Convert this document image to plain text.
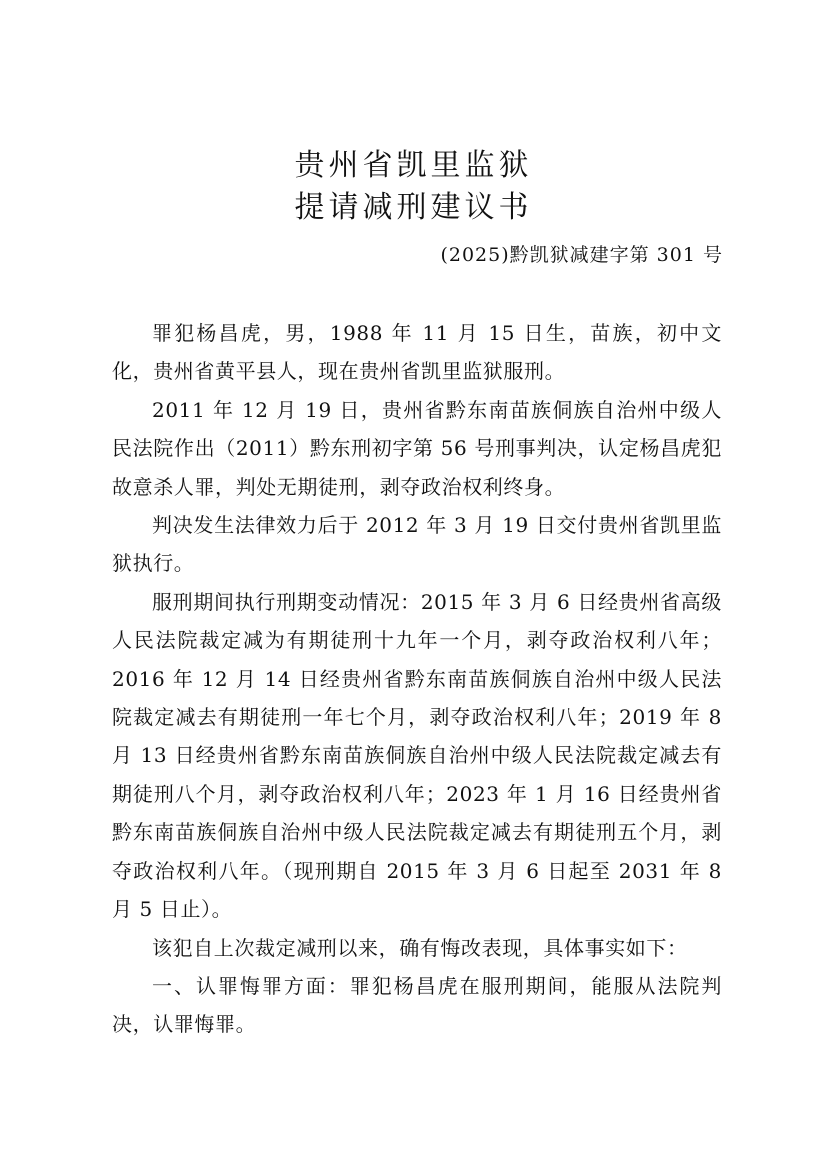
贵州省凯里监狱
提请减刑建议书
(2025)黔凯狱减建字第 301 号

罪犯杨昌虎，男，1988 年 11 月 15 日生，苗族，初中文化，贵州省黄平县人，现在贵州省凯里监狱服刑。

2011 年 12 月 19 日，贵州省黔东南苗族侗族自治州中级人民法院作出（2011）黔东刑初字第 56 号刑事判决，认定杨昌虎犯故意杀人罪，判处无期徒刑，剥夺政治权利终身。

判决发生法律效力后于 2012 年 3 月 19 日交付贵州省凯里监狱执行。

服刑期间执行刑期变动情况：2015 年 3 月 6 日经贵州省高级人民法院裁定减为有期徒刑十九年一个月，剥夺政治权利八年；2016 年 12 月 14 日经贵州省黔东南苗族侗族自治州中级人民法院裁定减去有期徒刑一年七个月，剥夺政治权利八年；2019 年 8 月 13 日经贵州省黔东南苗族侗族自治州中级人民法院裁定减去有期徒刑八个月，剥夺政治权利八年；2023 年 1 月 16 日经贵州省黔东南苗族侗族自治州中级人民法院裁定减去有期徒刑五个月，剥夺政治权利八年。（现刑期自 2015 年 3 月 6 日起至 2031 年 8 月 5 日止）。

该犯自上次裁定减刑以来，确有悔改表现，具体事实如下：

一、认罪悔罪方面：罪犯杨昌虎在服刑期间，能服从法院判决，认罪悔罪。
